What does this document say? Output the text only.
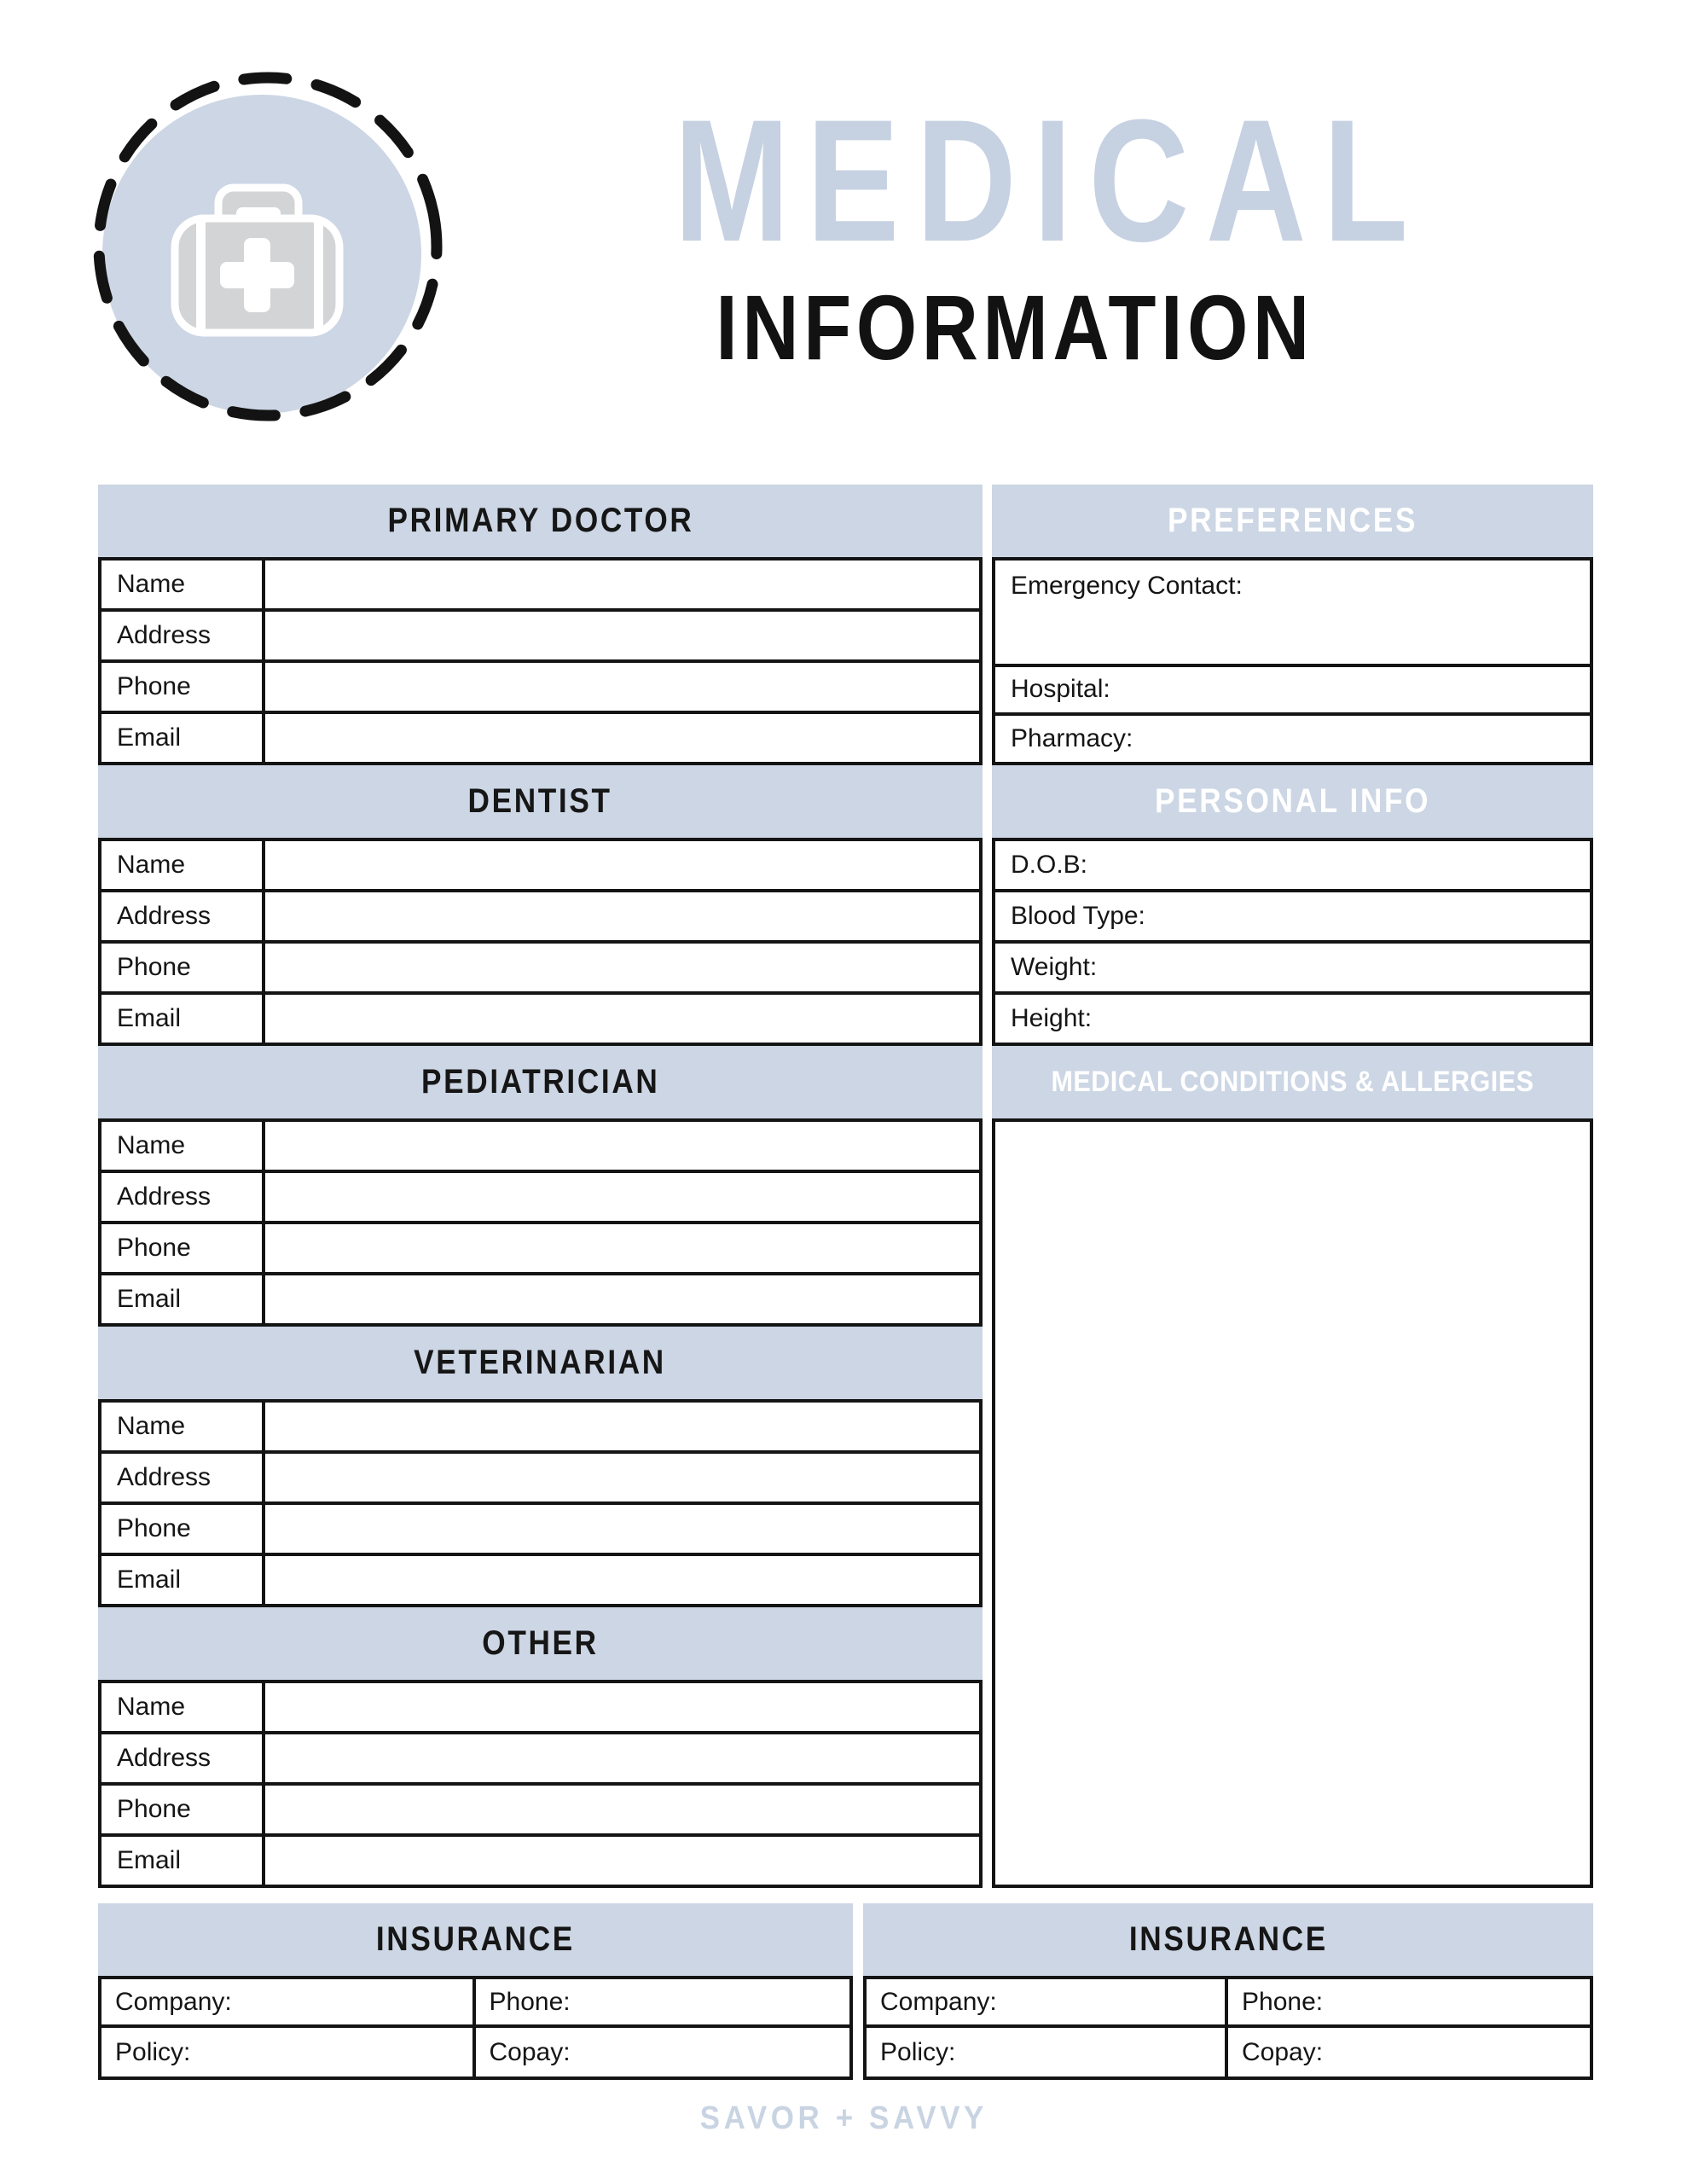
MEDICAL
INFORMATION
PRIMARY DOCTOR
Name
Address
Phone
Email
DENTIST
Name
Address
Phone
Email
PEDIATRICIAN
Name
Address
Phone
Email
VETERINARIAN
Name
Address
Phone
Email
OTHER
Name
Address
Phone
Email
PREFERENCES
Emergency Contact:
Hospital:
Pharmacy:
PERSONAL INFO
D.O.B:
Blood Type:
Weight:
Height:
MEDICAL CONDITIONS & ALLERGIES
INSURANCE
Company:	Phone:
Policy:	Copay:
INSURANCE
Company:	Phone:
Policy:	Copay:
SAVOR + SAVVY
